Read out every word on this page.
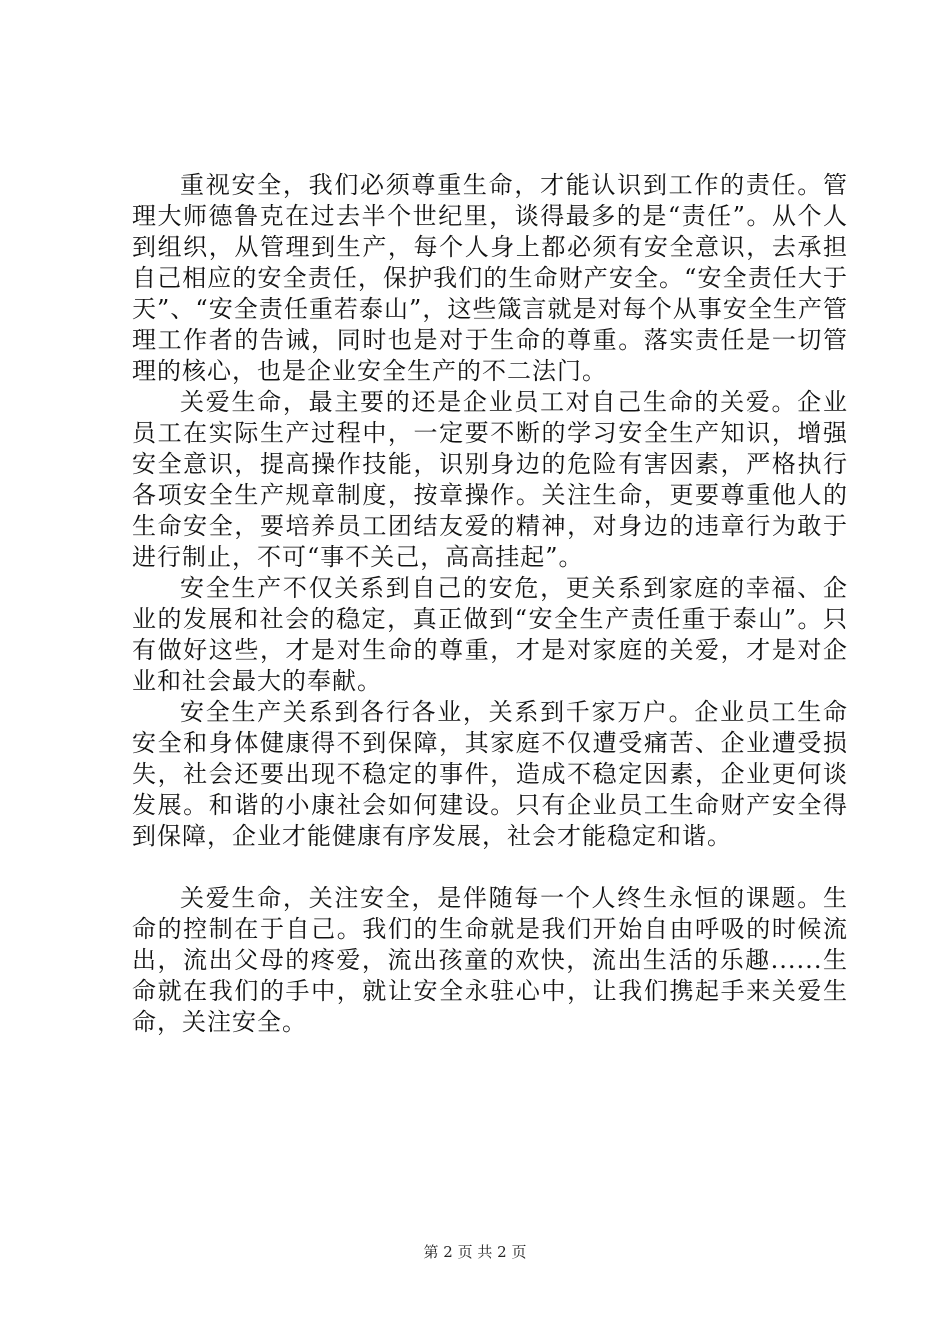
重视安全，我们必须尊重生命，才能认识到工作的责任。管理大师德鲁克在过去半个世纪里，谈得最多的是“责任”。从个人到组织，从管理到生产，每个人身上都必须有安全意识，去承担自己相应的安全责任，保护我们的生命财产安全。“安全责任大于天”、“安全责任重若泰山”，这些箴言就是对每个从事安全生产管理工作者的告诫，同时也是对于生命的尊重。落实责任是一切管理的核心，也是企业安全生产的不二法门。

关爱生命，最主要的还是企业员工对自己生命的关爱。企业员工在实际生产过程中，一定要不断的学习安全生产知识，增强安全意识，提高操作技能，识别身边的危险有害因素，严格执行各项安全生产规章制度，按章操作。关注生命，更要尊重他人的生命安全，要培养员工团结友爱的精神，对身边的违章行为敢于进行制止，不可“事不关己，高高挂起”。

安全生产不仅关系到自己的安危，更关系到家庭的幸福、企业的发展和社会的稳定，真正做到“安全生产责任重于泰山”。只有做好这些，才是对生命的尊重，才是对家庭的关爱，才是对企业和社会最大的奉献。

安全生产关系到各行各业，关系到千家万户。企业员工生命安全和身体健康得不到保障，其家庭不仅遭受痛苦、企业遭受损失，社会还要出现不稳定的事件，造成不稳定因素，企业更何谈发展。和谐的小康社会如何建设。只有企业员工生命财产安全得到保障，企业才能健康有序发展，社会才能稳定和谐。

关爱生命，关注安全，是伴随每一个人终生永恒的课题。生命的控制在于自己。我们的生命就是我们开始自由呼吸的时候流出，流出父母的疼爱，流出孩童的欢快，流出生活的乐趣......生命就在我们的手中，就让安全永驻心中，让我们携起手来关爱生命，关注安全。

第 2 页 共 2 页
